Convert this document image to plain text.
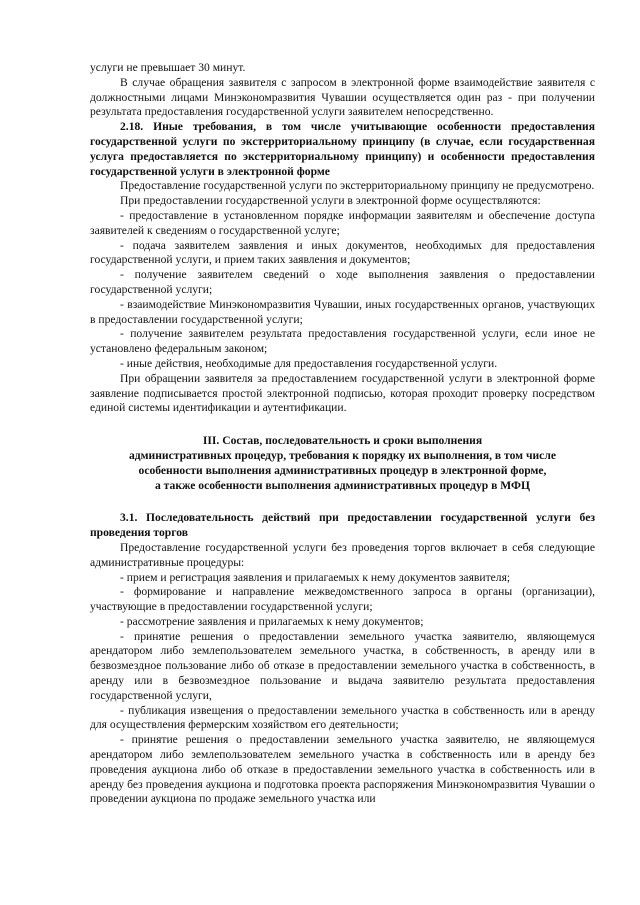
услуги не превышает 30 минут.

В случае обращения заявителя с запросом в электронной форме взаимодействие заявителя с должностными лицами Минэкономразвития Чувашии осуществляется один раз - при получении результата предоставления государственной услуги заявителем непосредственно.

2.18. Иные требования, в том числе учитывающие особенности предоставления государственной услуги по экстерриториальному принципу (в случае, если государственная услуга предоставляется по экстерриториальному принципу) и особенности предоставления государственной услуги в электронной форме

Предоставление государственной услуги по экстерриториальному принципу не предусмотрено.

При предоставлении государственной услуги в электронной форме осуществляются:

- предоставление в установленном порядке информации заявителям и обеспечение доступа заявителей к сведениям о государственной услуге;

- подача заявителем заявления и иных документов, необходимых для предоставления государственной услуги, и прием таких заявления и документов;

- получение заявителем сведений о ходе выполнения заявления о предоставлении государственной услуги;

- взаимодействие Минэкономразвития Чувашии, иных государственных органов, участвующих в предоставлении государственной услуги;

- получение заявителем результата предоставления государственной услуги, если иное не установлено федеральным законом;

- иные действия, необходимые для предоставления государственной услуги.

При обращении заявителя за предоставлением государственной услуги в электронной форме заявление подписывается простой электронной подписью, которая проходит проверку посредством единой системы идентификации и аутентификации.

III. Состав, последовательность и сроки выполнения

административных процедур, требования к порядку их выполнения, в том числе

особенности выполнения административных процедур в электронной форме,

а также особенности выполнения административных процедур в МФЦ

3.1. Последовательность действий при предоставлении государственной услуги без проведения торгов

Предоставление государственной услуги без проведения торгов включает в себя следующие административные процедуры:

- прием и регистрация заявления и прилагаемых к нему документов заявителя;

- формирование и направление межведомственного запроса в органы (организации), участвующие в предоставлении государственной услуги;

- рассмотрение заявления и прилагаемых к нему документов;

- принятие решения о предоставлении земельного участка заявителю, являющемуся арендатором либо землепользователем земельного участка, в собственность, в аренду или в безвозмездное пользование либо об отказе в предоставлении земельного участка в собственность, в аренду или в безвозмездное пользование и выдача заявителю результата предоставления государственной услуги,

- публикация извещения о предоставлении земельного участка в собственность или в аренду для осуществления фермерским хозяйством его деятельности;

- принятие решения о предоставлении земельного участка заявителю, не являющемуся арендатором либо землепользователем земельного участка в собственность или в аренду без проведения аукциона либо об отказе в предоставлении земельного участка в собственность или в аренду без проведения аукциона и подготовка проекта распоряжения Минэкономразвития Чувашии о проведении аукциона по продаже земельного участка или
